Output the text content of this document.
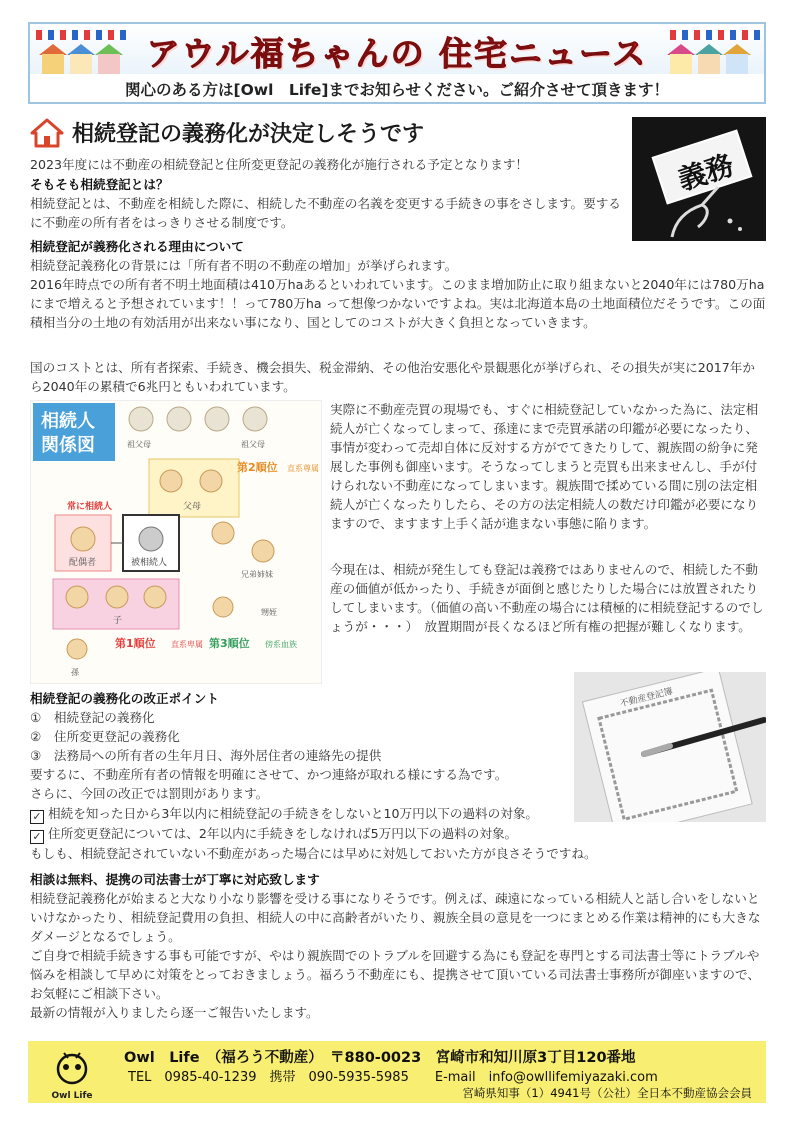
アウル福ちゃんの 住宅ニュース
関心のある方は[Owl　Life]までお知らせください。ご紹介させて頂きます！
相続登記の義務化が決定しそうです
義務
2023年度には不動産の相続登記と住所変更登記の義務化が施行される予定となります！
そもそも相続登記とは？
相続登記とは、不動産を相続した際に、相続した不動産の名義を変更する手続きの事をさします。要するに不動産の所有者をはっきりさせる制度です。
相続登記が義務化される理由について
相続登記義務化の背景には「所有者不明の不動産の増加」が挙げられます。
2016年時点での所有者不明土地面積は410万haあるといわれています。このまま増加防止に取り組まないと2040年には780万haにまで増えると予想されています！！って780万ha って想像つかないですよね。実は北海道本島の土地面積位だそうです。この面積相当分の土地の有効活用が出来ない事になり、国としてのコストが大きく負担となっていきます。
国のコストとは、所有者探索、手続き、機会損失、税金滞納、その他治安悪化や景観悪化が挙げられ、その損失が実に2017年から2040年の累積で6兆円ともいわれています。
相続人
関係図	祖父母	祖父母
父母
第2順位 直系尊属
常に相続人
配偶者	被相続人
兄弟姉妹
子
孫
第1順位 直系卑属
甥姪
第3順位 傍系血族
実際に不動産売買の現場でも、すぐに相続登記していなかった為に、法定相続人が亡くなってしまって、孫達にまで売買承諾の印鑑が必要になったり、事情が変わって売却自体に反対する方がでてきたりして、親族間の紛争に発展した事例も御座います。そうなってしまうと売買も出来ませんし、手が付けられない不動産になってしまいます。親族間で揉めている間に別の法定相続人が亡くなったりしたら、その方の法定相続人の数だけ印鑑が必要になりますので、ますます上手く話が進まない事態に陥ります。
今現在は、相続が発生しても登記は義務ではありませんので、相続した不動産の価値が低かったり、手続きが面倒と感じたりした場合には放置されたりしてしまいます。（価値の高い不動産の場合には積極的に相続登記するのでしょうが・・・）　放置期間が長くなるほど所有権の把握が難しくなります。
不動産登記簿
相続登記の義務化の改正ポイント
①　相続登記の義務化
②　住所変更登記の義務化
③　法務局への所有者の生年月日、海外居住者の連絡先の提供
要するに、不動産所有者の情報を明確にさせて、かつ連絡が取れる様にする為です。
さらに、今回の改正では罰則があります。
✓ 相続を知った日から3年以内に相続登記の手続きをしないと10万円以下の過料の対象。
✓ 住所変更登記については、2年以内に手続きをしなければ5万円以下の過料の対象。
もしも、相続登記されていない不動産があった場合には早めに対処しておいた方が良さそうですね。
相談は無料、提携の司法書士が丁寧に対応致します
相続登記義務化が始まると大なり小なり影響を受ける事になりそうです。例えば、疎遠になっている相続人と話し合いをしないといけなかったり、相続登記費用の負担、相続人の中に高齢者がいたり、親族全員の意見を一つにまとめる作業は精神的にも大きなダメージとなるでしょう。
ご自身で相続手続きする事も可能ですが、やはり親族間でのトラブルを回避する為にも登記を専門とする司法書士等にトラブルや悩みを相談して早めに対策をとっておきましょう。福ろう不動産にも、提携させて頂いている司法書士事務所が御座いますので、お気軽にご相談下さい。
最新の情報が入りましたら逐一ご報告いたします。
Owl Life
Owl　Life　（福ろう不動産）　〒880-0023　宮崎市和知川原3丁目120番地
TEL　0985-40-1239　携帯　090-5935-5985　　E-mail　info@owllifemiyazaki.com
宮崎県知事（1）4941号（公社）全日本不動産協会会員
